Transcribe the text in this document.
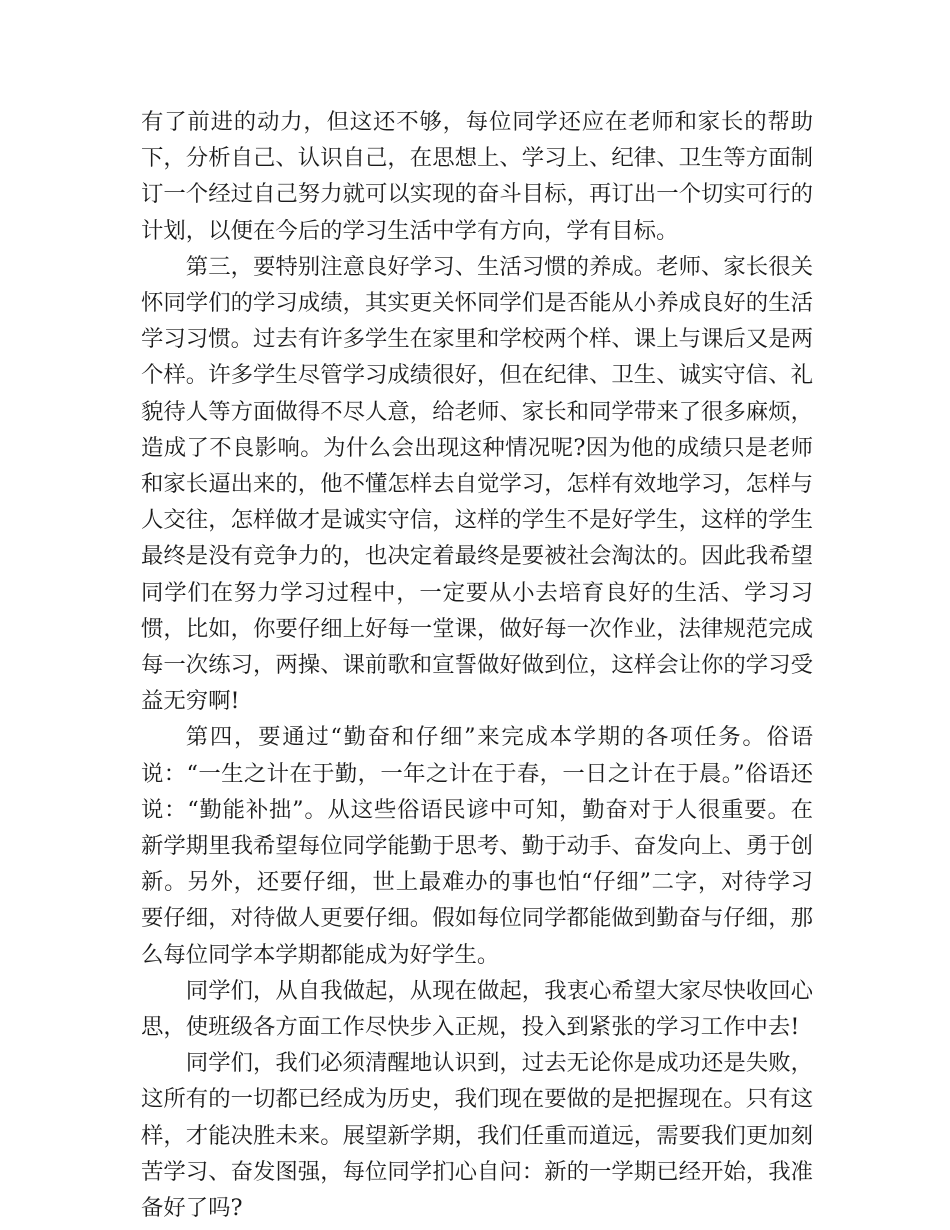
有了前进的动力，但这还不够，每位同学还应在老师和家长的帮助下，分析自己、认识自己，在思想上、学习上、纪律、卫生等方面制订一个经过自己努力就可以实现的奋斗目标，再订出一个切实可行的计划，以便在今后的学习生活中学有方向，学有目标。

第三，要特别注意良好学习、生活习惯的养成。老师、家长很关怀同学们的学习成绩，其实更关怀同学们是否能从小养成良好的生活学习习惯。过去有许多学生在家里和学校两个样、课上与课后又是两个样。许多学生尽管学习成绩很好，但在纪律、卫生、诚实守信、礼貌待人等方面做得不尽人意，给老师、家长和同学带来了很多麻烦，造成了不良影响。为什么会出现这种情况呢?因为他的成绩只是老师和家长逼出来的，他不懂怎样去自觉学习，怎样有效地学习，怎样与人交往，怎样做才是诚实守信，这样的学生不是好学生，这样的学生最终是没有竞争力的，也决定着最终是要被社会淘汰的。因此我希望同学们在努力学习过程中，一定要从小去培育良好的生活、学习习惯，比如，你要仔细上好每一堂课，做好每一次作业，法律规范完成每一次练习，两操、课前歌和宣誓做好做到位，这样会让你的学习受益无穷啊!

第四，要通过“勤奋和仔细”来完成本学期的各项任务。俗语说：“一生之计在于勤，一年之计在于春，一日之计在于晨。”俗语还说：“勤能补拙”。从这些俗语民谚中可知，勤奋对于人很重要。在新学期里我希望每位同学能勤于思考、勤于动手、奋发向上、勇于创新。另外，还要仔细，世上最难办的事也怕“仔细”二字，对待学习要仔细，对待做人更要仔细。假如每位同学都能做到勤奋与仔细，那么每位同学本学期都能成为好学生。

同学们，从自我做起，从现在做起，我衷心希望大家尽快收回心思，使班级各方面工作尽快步入正规，投入到紧张的学习工作中去!

同学们，我们必须清醒地认识到，过去无论你是成功还是失败，这所有的一切都已经成为历史，我们现在要做的是把握现在。只有这样，才能决胜未来。展望新学期，我们任重而道远，需要我们更加刻苦学习、奋发图强，每位同学扪心自问：新的一学期已经开始，我准备好了吗?
